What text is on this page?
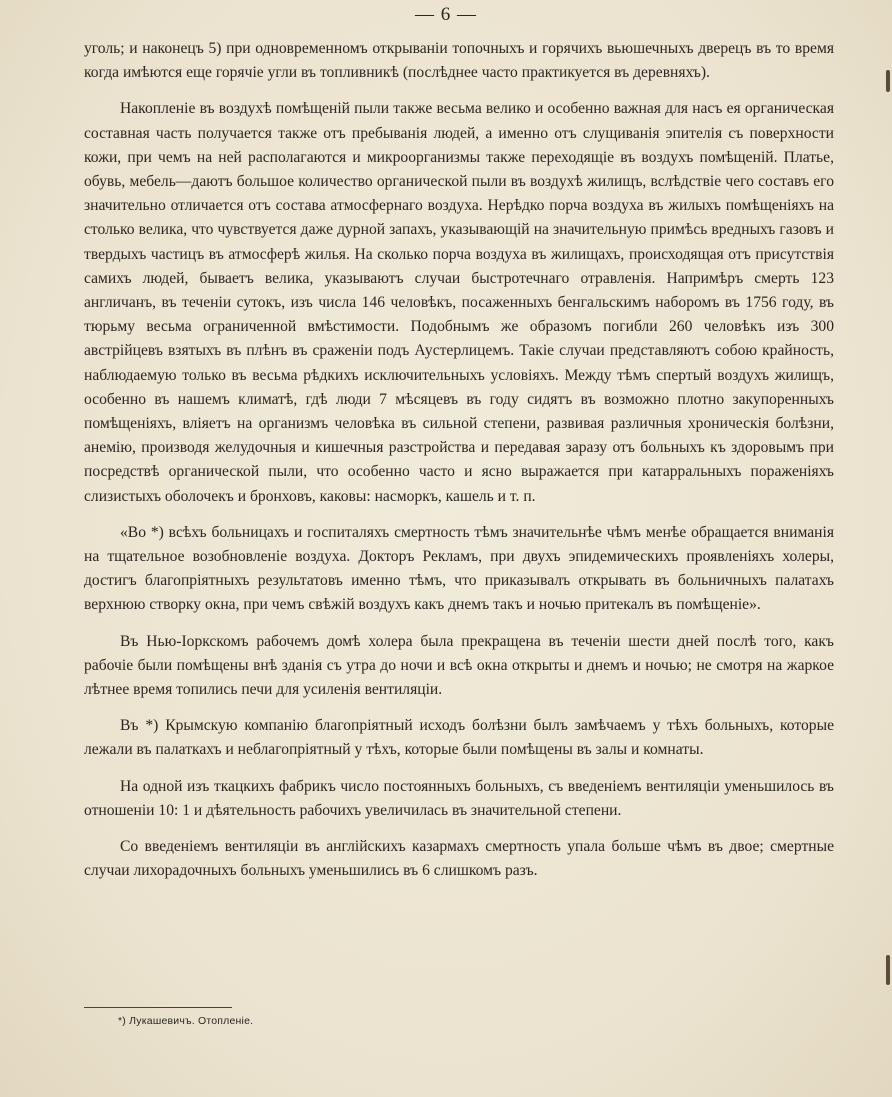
— 6 —

уголь; и наконецъ 5) при одновременномъ открываніи топочныхъ и горячихъ вьюшечныхъ дверецъ въ то время когда имѣются еще горячіе угли въ топливникѣ (послѣднее часто практикуется въ деревняхъ).

Накопленіе въ воздухѣ помѣщеній пыли также весьма велико и особенно важная для насъ ея органическая составная часть получается также отъ пребыванія людей, а именно отъ слущиванія эпителія съ поверхности кожи, при чемъ на ней располагаются и микроорганизмы также переходящіе въ воздухъ помѣщеній. Платье, обувь, мебель—даютъ большое количество органической пыли въ воздухѣ жилищъ, вслѣдствіе чего составъ его значительно отличается отъ состава атмосфернаго воздуха. Нерѣдко порча воздуха въ жилыхъ помѣщеніяхъ на столько велика, что чувствуется даже дурной запахъ, указывающій на значительную примѣсь вредныхъ газовъ и твердыхъ частицъ въ атмосферѣ жилья. На сколько порча воздуха въ жилищахъ, происходящая отъ присутствія самихъ людей, бываетъ велика, указываютъ случаи быстротечнаго отравленія. Напримѣръ смерть 123 англичанъ, въ теченіи сутокъ, изъ числа 146 человѣкъ, посаженныхъ бенгальскимъ наборомъ въ 1756 году, въ тюрьму весьма ограниченной вмѣстимости. Подобнымъ же образомъ погибли 260 человѣкъ изъ 300 австрійцевъ взятыхъ въ плѣнъ въ сраженіи подъ Аустерлицемъ. Такіе случаи представляютъ собою крайность, наблюдаемую только въ весьма рѣдкихъ исключительныхъ условіяхъ. Между тѣмъ спертый воздухъ жилищъ, особенно въ нашемъ климатѣ, гдѣ люди 7 мѣсяцевъ въ году сидятъ въ возможно плотно закупоренныхъ помѣщеніяхъ, вліяетъ на организмъ человѣка въ сильной степени, развивая различныя хроническія болѣзни, анемію, производя желудочныя и кишечныя разстройства и передавая заразу отъ больныхъ къ здоровымъ при посредствѣ органической пыли, что особенно часто и ясно выражается при катарральныхъ пораженіяхъ слизистыхъ оболочекъ и бронховъ, каковы: насморкъ, кашель и т. п.

«Во *) всѣхъ больницахъ и госпиталяхъ смертность тѣмъ значительнѣе чѣмъ менѣе обращается вниманія на тщательное возобновленіе воздуха. Докторъ Рекламъ, при двухъ эпидемическихъ проявленіяхъ холеры, достигъ благопріятныхъ результатовъ именно тѣмъ, что приказывалъ открывать въ больничныхъ палатахъ верхнюю створку окна, при чемъ свѣжій воздухъ какъ днемъ такъ и ночью притекалъ въ помѣщеніе».

Въ Нью-Іоркскомъ рабочемъ домѣ холера была прекращена въ теченіи шести дней послѣ того, какъ рабочіе были помѣщены внѣ зданія съ утра до ночи и всѣ окна открыты и днемъ и ночью; не смотря на жаркое лѣтнее время топились печи для усиленія вентиляціи.

Въ *) Крымскую компанію благопріятный исходъ болѣзни былъ замѣчаемъ у тѣхъ больныхъ, которые лежали въ палаткахъ и неблагопріятный у тѣхъ, которые были помѣщены въ залы и комнаты.

На одной изъ ткацкихъ фабрикъ число постоянныхъ больныхъ, съ введеніемъ вентиляціи уменьшилось въ отношеніи 10: 1 и дѣятельность рабочихъ увеличилась въ значительной степени.

Со введеніемъ вентиляціи въ англійскихъ казармахъ смертность упала больше чѣмъ въ двое; смертные случаи лихорадочныхъ больныхъ уменьшились въ 6 слишкомъ разъ.

*) Лукашевичъ. Отопленіе.
